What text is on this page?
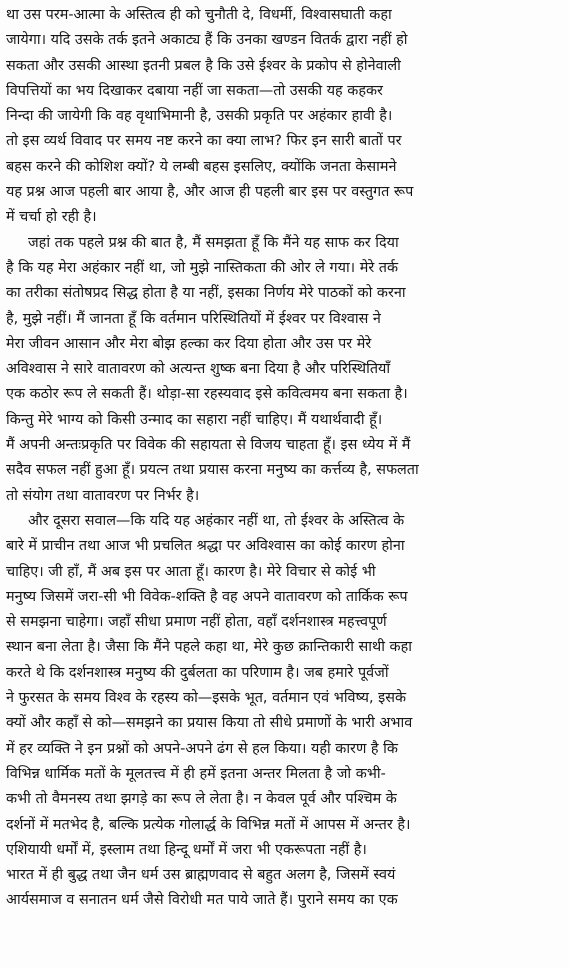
था उस परम-आत्मा के अस्तित्व ही को चुनौती दे, विधर्मी, विश्वासघाती कहा
जायेगा। यदि उसके तर्क इतने अकाट्य हैं कि उनका खण्डन वितर्क द्वारा नहीं हो
सकता और उसकी आस्था इतनी प्रबल है कि उसे ईश्वर के प्रकोप से होनेवाली
विपत्तियों का भय दिखाकर दबाया नहीं जा सकता—तो उसकी यह कहकर
निन्दा की जायेगी कि वह वृथाभिमानी है, उसकी प्रकृति पर अहंकार हावी है।
तो इस व्यर्थ विवाद पर समय नष्ट करने का क्या लाभ? फिर इन सारी बातों पर
बहस करने की कोशिश क्यों? ये लम्बी बहस इसलिए, क्योंकि जनता केसामने
यह प्रश्न आज पहली बार आया है, और आज ही पहली बार इस पर वस्तुगत रूप
में चर्चा हो रही है।
जहां तक पहले प्रश्न की बात है, मैं समझता हूँ कि मैंने यह साफ कर दिया
है कि यह मेरा अहंकार नहीं था, जो मुझे नास्तिकता की ओर ले गया। मेरे तर्क
का तरीका संतोषप्रद सिद्ध होता है या नहीं, इसका निर्णय मेरे पाठकों को करना
है, मुझे नहीं। मैं जानता हूँ कि वर्तमान परिस्थितियों में ईश्वर पर विश्वास ने
मेरा जीवन आसान और मेरा बोझ हल्का कर दिया होता और उस पर मेरे
अविश्वास ने सारे वातावरण को अत्यन्त शुष्क बना दिया है और परिस्थितियाँ
एक कठोर रूप ले सकती हैं। थोड़ा-सा रहस्यवाद इसे कवित्वमय बना सकता है।
किन्तु मेरे भाग्य को किसी उन्माद का सहारा नहीं चाहिए। मैं यथार्थवादी हूँ।
मैं अपनी अन्तःप्रकृति पर विवेक की सहायता से विजय चाहता हूँ। इस ध्येय में मैं
सदैव सफल नहीं हुआ हूँ। प्रयत्न तथा प्रयास करना मनुष्य का कर्त्तव्य है, सफलता
तो संयोग तथा वातावरण पर निर्भर है।
और दूसरा सवाल—कि यदि यह अहंकार नहीं था, तो ईश्वर के अस्तित्व के
बारे में प्राचीन तथा आज भी प्रचलित श्रद्धा पर अविश्वास का कोई कारण होना
चाहिए। जी हाँ, मैं अब इस पर आता हूँ। कारण है। मेरे विचार से कोई भी
मनुष्य जिसमें जरा-सी भी विवेक-शक्ति है वह अपने वातावरण को तार्किक रूप
से समझना चाहेगा। जहाँ सीधा प्रमाण नहीं होता, वहाँ दर्शनशास्त्र महत्त्वपूर्ण
स्थान बना लेता है। जैसा कि मैंने पहले कहा था, मेरे कुछ क्रान्तिकारी साथी कहा
करते थे कि दर्शनशास्त्र मनुष्य की दुर्बलता का परिणाम है। जब हमारे पूर्वजों
ने फुरसत के समय विश्व के रहस्य को—इसके भूत, वर्तमान एवं भविष्य, इसके
क्यों और कहाँ से को—समझने का प्रयास किया तो सीधे प्रमाणों के भारी अभाव
में हर व्यक्ति ने इन प्रश्नों को अपने-अपने ढंग से हल किया। यही कारण है कि
विभिन्न धार्मिक मतों के मूलतत्त्व में ही हमें इतना अन्तर मिलता है जो कभी-
कभी तो वैमनस्य तथा झगड़े का रूप ले लेता है। न केवल पूर्व और पश्चिम के
दर्शनों में मतभेद है, बल्कि प्रत्येक गोलार्द्ध के विभिन्न मतों में आपस में अन्तर है।
एशियायी धर्मों में, इस्लाम तथा हिन्दू धर्मों में जरा भी एकरूपता नहीं है।
भारत में ही बुद्ध तथा जैन धर्म उस ब्राह्मणवाद से बहुत अलग है, जिसमें स्वयं
आर्यसमाज व सनातन धर्म जैसे विरोधी मत पाये जाते हैं। पुराने समय का एक
